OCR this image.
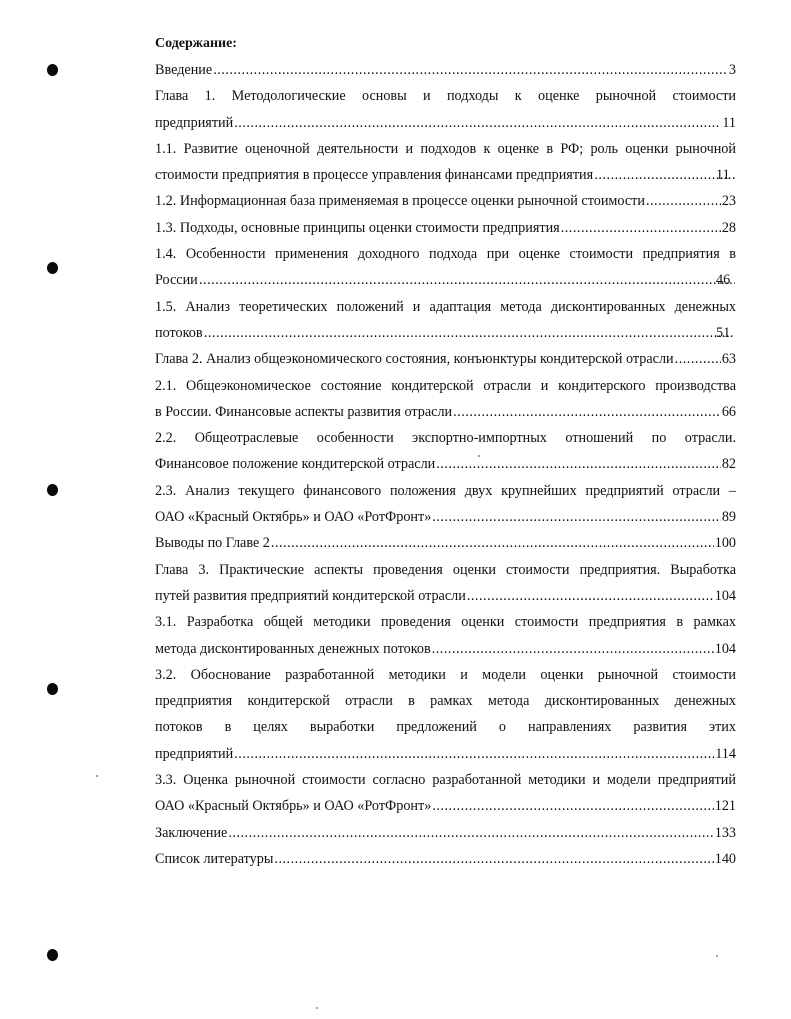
Содержание:
Введение .....	3
Глава 1. Методологические основы и подходы к оценке рыночной стоимости
предприятий .....	11
1.1. Развитие оценочной деятельности и подходов к оценке в РФ; роль оценки рыночной
стоимости предприятия в процессе управления финансами предприятия .....	11
1.2. Информационная база применяемая в процессе оценки рыночной стоимости .....	23
1.3. Подходы, основные принципы оценки стоимости предприятия .....	28
1.4. Особенности применения доходного подхода при оценке стоимости предприятия в
России .....	46
1.5. Анализ теоретических положений и адаптация метода дисконтированных денежных
потоков .....	51
Глава 2. Анализ общеэкономического состояния, конъюнктуры кондитерской отрасли .....	63
2.1. Общеэкономическое состояние кондитерской отрасли и кондитерского производства
в России. Финансовые аспекты развития отрасли .....	66
2.2. Общеотраслевые особенности экспортно-импортных отношений по отрасли.
Финансовое положение кондитерской отрасли .....	82
2.3. Анализ текущего финансового положения двух крупнейших предприятий отрасли –
ОАО «Красный Октябрь» и ОАО «РотФронт» .....	89
Выводы по Главе 2 .....	100
Глава 3. Практические аспекты проведения оценки стоимости предприятия. Выработка
путей развития предприятий кондитерской отрасли .....	104
3.1. Разработка общей методики проведения оценки стоимости предприятия в рамках
метода дисконтированных денежных потоков .....	104
3.2. Обоснование разработанной методики и модели оценки рыночной стоимости
предприятия кондитерской отрасли в рамках метода дисконтированных денежных
потоков в целях выработки предложений о направлениях развития этих
предприятий .....	114
3.3. Оценка рыночной стоимости согласно разработанной методики и модели предприятий
ОАО «Красный Октябрь» и ОАО «РотФронт» .....	121
Заключение .....	133
Список литературы .....	140
